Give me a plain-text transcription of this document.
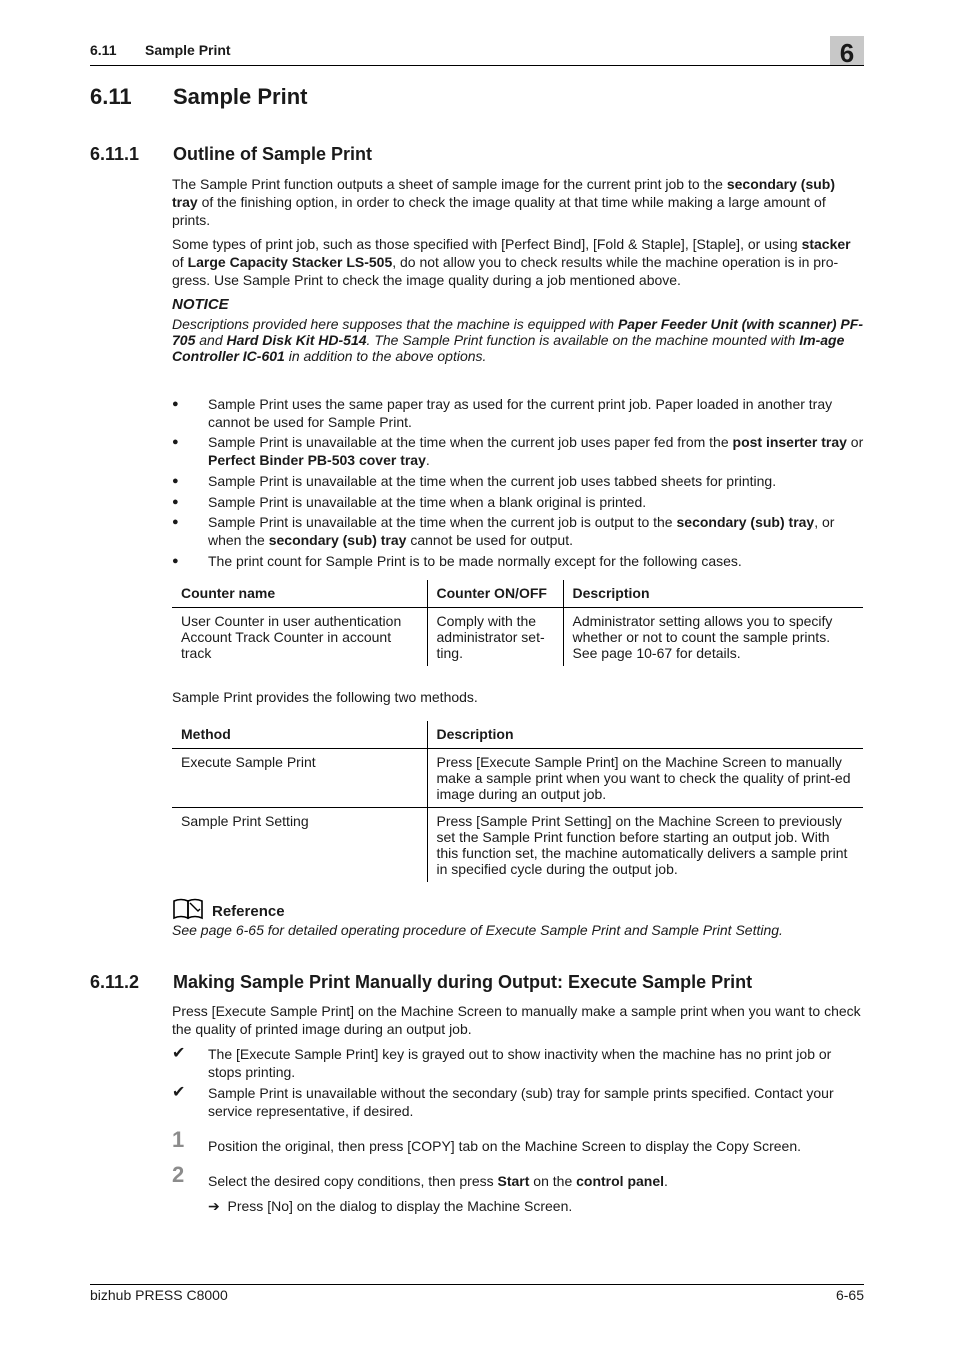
6.11 Sample Print	6
6.11 Sample Print
6.11.1 Outline of Sample Print
The Sample Print function outputs a sheet of sample image for the current print job to the secondary (sub) tray of the finishing option, in order to check the image quality at that time while making a large amount of prints.
Some types of print job, such as those specified with [Perfect Bind], [Fold & Staple], [Staple], or using stacker of Large Capacity Stacker LS-505, do not allow you to check results while the machine operation is in pro-gress. Use Sample Print to check the image quality during a job mentioned above.
NOTICE
Descriptions provided here supposes that the machine is equipped with Paper Feeder Unit (with scanner) PF-705 and Hard Disk Kit HD-514. The Sample Print function is available on the machine mounted with Im-age Controller IC-601 in addition to the above options.
● Sample Print uses the same paper tray as used for the current print job. Paper loaded in another tray cannot be used for Sample Print.
● Sample Print is unavailable at the time when the current job uses paper fed from the post inserter tray or Perfect Binder PB-503 cover tray.
● Sample Print is unavailable at the time when the current job uses tabbed sheets for printing.
● Sample Print is unavailable at the time when a blank original is printed.
● Sample Print is unavailable at the time when the current job is output to the secondary (sub) tray, or when the secondary (sub) tray cannot be used for output.
● The print count for Sample Print is to be made normally except for the following cases.
Counter name	Counter ON/OFF	Description

User Counter in user authentication
Account Track Counter in account track	Comply with the administrator set-ting.	Administrator setting allows you to specify whether or not to count the sample prints. See page 10-67 for details.
Sample Print provides the following two methods.
Method	Description
Execute Sample Print	Press [Execute Sample Print] on the Machine Screen to manually make a sample print when you want to check the quality of print-ed image during an output job.
Sample Print Setting	Press [Sample Print Setting] on the Machine Screen to previously set the Sample Print function before starting an output job. With this function set, the machine automatically delivers a sample print in specified cycle during the output job.
Reference
See page 6-65 for detailed operating procedure of Execute Sample Print and Sample Print Setting.
6.11.2 Making Sample Print Manually during Output: Execute Sample Print
Press [Execute Sample Print] on the Machine Screen to manually make a sample print when you want to check the quality of printed image during an output job.
✔ The [Execute Sample Print] key is grayed out to show inactivity when the machine has no print job or stops printing.
✔ Sample Print is unavailable without the secondary (sub) tray for sample prints specified. Contact your service representative, if desired.
1 Position the original, then press [COPY] tab on the Machine Screen to display the Copy Screen.
2 Select the desired copy conditions, then press Start on the control panel.
➔ Press [No] on the dialog to display the Machine Screen.
bizhub PRESS C8000	6-65
